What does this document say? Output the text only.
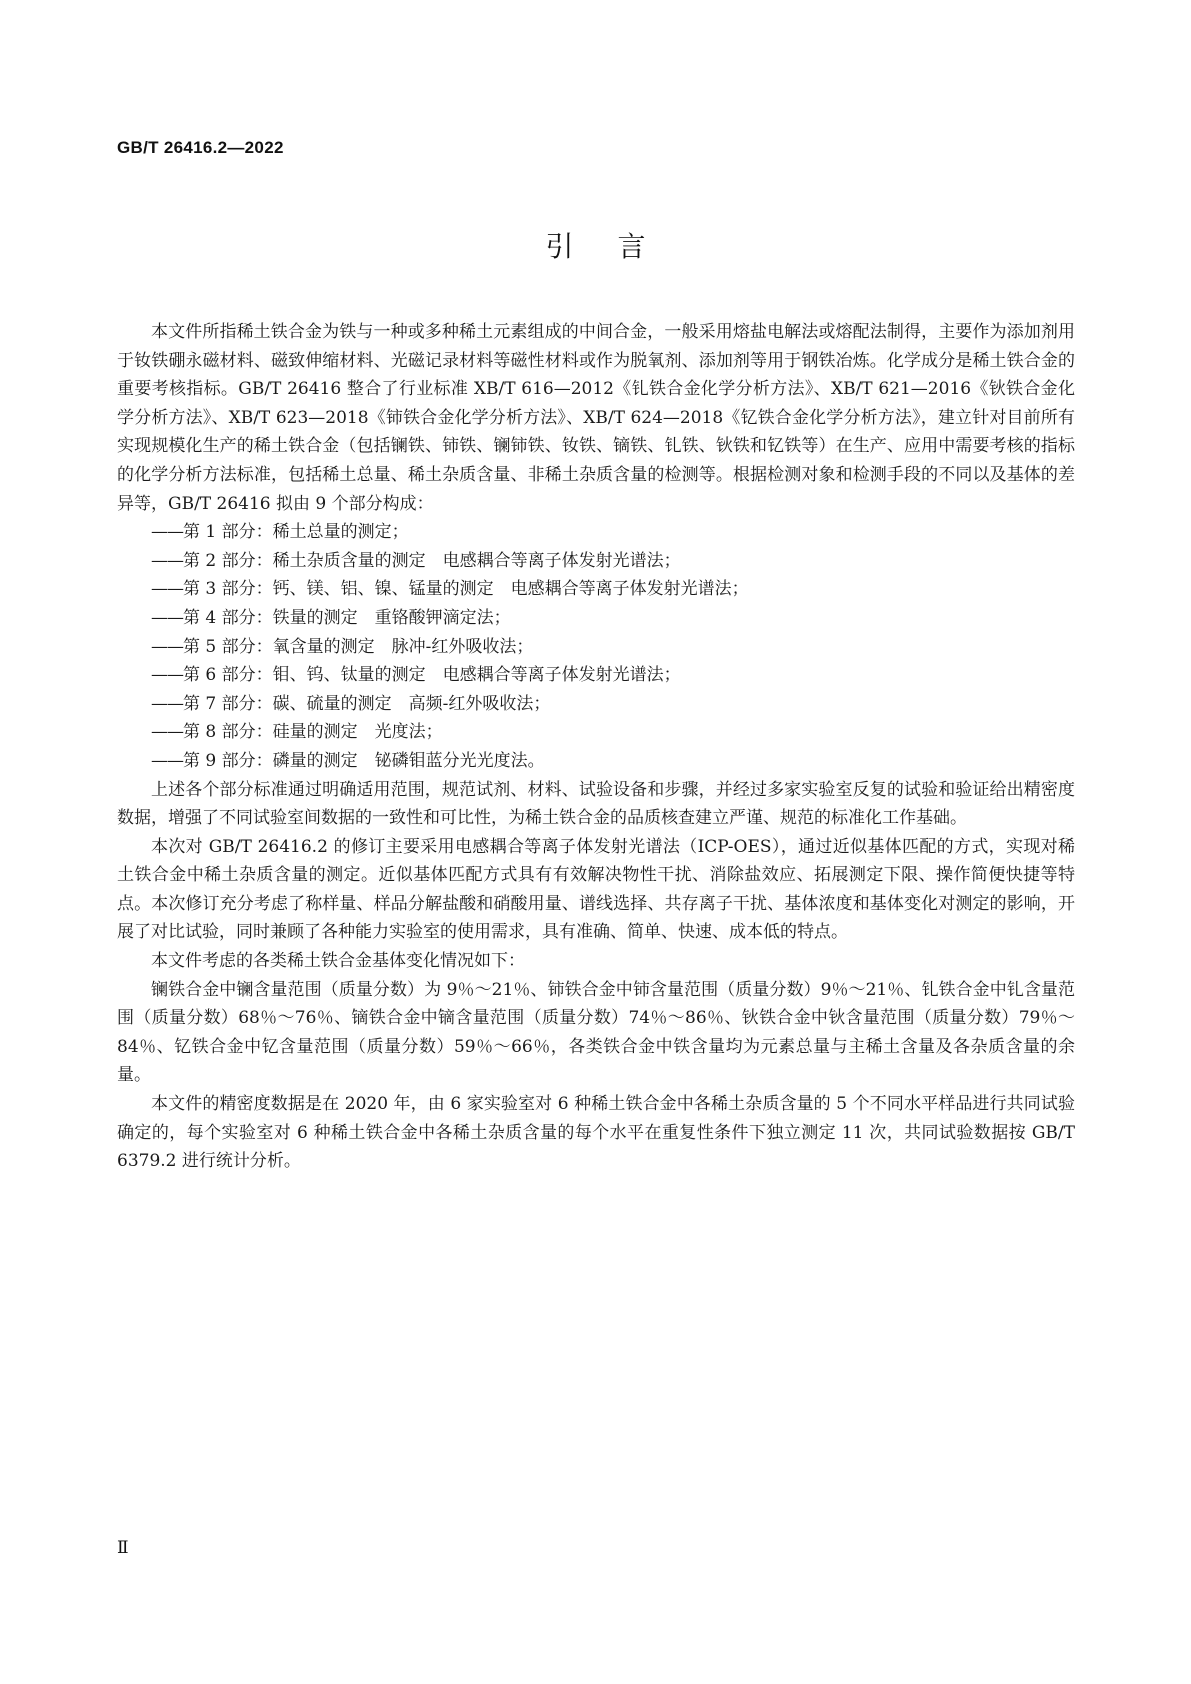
GB/T 26416.2—2022
引言

本文件所指稀土铁合金为铁与一种或多种稀土元素组成的中间合金，一般采用熔盐电解法或熔配法制得，主要作为添加剂用于钕铁硼永磁材料、磁致伸缩材料、光磁记录材料等磁性材料或作为脱氧剂、添加剂等用于钢铁冶炼。化学成分是稀土铁合金的重要考核指标。GB/T 26416 整合了行业标准 XB/T 616—2012《钆铁合金化学分析方法》、XB/T 621—2016《钬铁合金化学分析方法》、XB/T 623—2018《铈铁合金化学分析方法》、XB/T 624—2018《钇铁合金化学分析方法》，建立针对目前所有实现规模化生产的稀土铁合金（包括镧铁、铈铁、镧铈铁、钕铁、镝铁、钆铁、钬铁和钇铁等）在生产、应用中需要考核的指标的化学分析方法标准，包括稀土总量、稀土杂质含量、非稀土杂质含量的检测等。根据检测对象和检测手段的不同以及基体的差异等，GB/T 26416 拟由 9 个部分构成：

——第 1 部分：稀土总量的测定；
——第 2 部分：稀土杂质含量的测定　电感耦合等离子体发射光谱法；
——第 3 部分：钙、镁、铝、镍、锰量的测定　电感耦合等离子体发射光谱法；
——第 4 部分：铁量的测定　重铬酸钾滴定法；
——第 5 部分：氧含量的测定　脉冲-红外吸收法；
——第 6 部分：钼、钨、钛量的测定　电感耦合等离子体发射光谱法；
——第 7 部分：碳、硫量的测定　高频-红外吸收法；
——第 8 部分：硅量的测定　光度法；
——第 9 部分：磷量的测定　铋磷钼蓝分光光度法。

上述各个部分标准通过明确适用范围，规范试剂、材料、试验设备和步骤，并经过多家实验室反复的试验和验证给出精密度数据，增强了不同试验室间数据的一致性和可比性，为稀土铁合金的品质核查建立严谨、规范的标准化工作基础。

本次对 GB/T 26416.2 的修订主要采用电感耦合等离子体发射光谱法（ICP-OES），通过近似基体匹配的方式，实现对稀土铁合金中稀土杂质含量的测定。近似基体匹配方式具有有效解决物性干扰、消除盐效应、拓展测定下限、操作简便快捷等特点。本次修订充分考虑了称样量、样品分解盐酸和硝酸用量、谱线选择、共存离子干扰、基体浓度和基体变化对测定的影响，开展了对比试验，同时兼顾了各种能力实验室的使用需求，具有准确、简单、快速、成本低的特点。

本文件考虑的各类稀土铁合金基体变化情况如下：

镧铁合金中镧含量范围（质量分数）为 9％～21％、铈铁合金中铈含量范围（质量分数）9％～21％、钆铁合金中钆含量范围（质量分数）68％～76％、镝铁合金中镝含量范围（质量分数）74％～86％、钬铁合金中钬含量范围（质量分数）79％～84％、钇铁合金中钇含量范围（质量分数）59％～66％，各类铁合金中铁含量均为元素总量与主稀土含量及各杂质含量的余量。

本文件的精密度数据是在 2020 年，由 6 家实验室对 6 种稀土铁合金中各稀土杂质含量的 5 个不同水平样品进行共同试验确定的，每个实验室对 6 种稀土铁合金中各稀土杂质含量的每个水平在重复性条件下独立测定 11 次，共同试验数据按 GB/T 6379.2 进行统计分析。

Ⅱ
